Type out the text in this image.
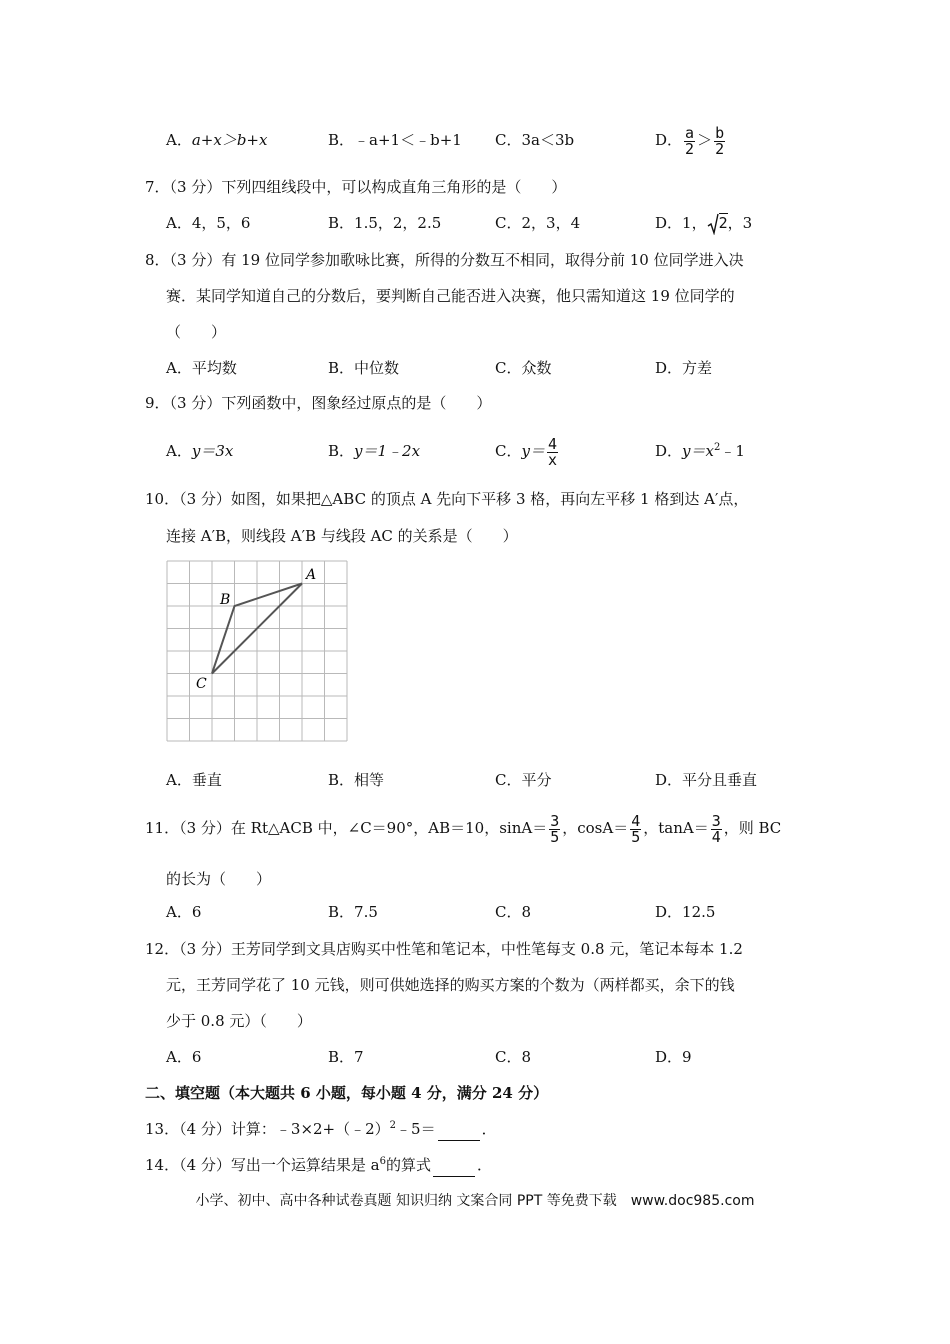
A．a+x＞b+x	B．﹣a+1＜﹣b+1 C．3a＜3b	D． $\frac{a}{2} > \frac{b}{2}$
7．（3 分）下列四组线段中，可以构成直角三角形的是（　　）
A．4，5，6	B．1.5，2，2.5	C．2，3，4	D．1， 2，3
8．（3 分）有 19 位同学参加歌咏比赛，所得的分数互不相同，取得分前 10 位同学进入决
赛．某同学知道自己的分数后，要判断自己能否进入决赛，他只需知道这 19 位同学的
（　　）
A．平均数	B．中位数	C．众数	D．方差
9．（3 分）下列函数中，图象经过原点的是（　　）
A．y＝3x	B．y＝1﹣2x	C．$y= \frac{4}{x}$	D．$y=x^2﹣1$
10．（3 分）如图，如果把△ABC 的顶点 A 先向下平移 3 格，再向左平移 1 格到达 A′点，
连接 A′B，则线段 A′B 与线段 AC 的关系是（　　）
A
B
C
A．垂直	B．相等	C．平分	D．平分且垂直
11．（3 分）在 Rt△ACB 中，∠C＝90°，AB＝10，$\sin A= \frac{3}{5}$ ，$\cos A= \frac{4}{5}$ ，$\tan A= \frac{3}{4}$ ，则 BC
的长为（　　）
A．6	B．7.5	C．8	D．12.5
12．（3 分）王芳同学到文具店购买中性笔和笔记本，中性笔每支 0.8 元，笔记本每本 1.2
元，王芳同学花了 10 元钱，则可供她选择的购买方案的个数为（两样都买，余下的钱
少于 0.8 元）（　　）
A．6	B．7	C．8	D．9
二、填空题（本大题共 6 小题，每小题 4 分，满分 24 分）
13．（4 分）计算：﹣3×2+（﹣2）$^2$﹣5＝	．
14．（4 分）写出一个运算结果是 $a^6$的算式	．
小学、初中、高中各种试卷真题 知识归纳 文案合同 PPT 等免费下载　www.doc985.com
